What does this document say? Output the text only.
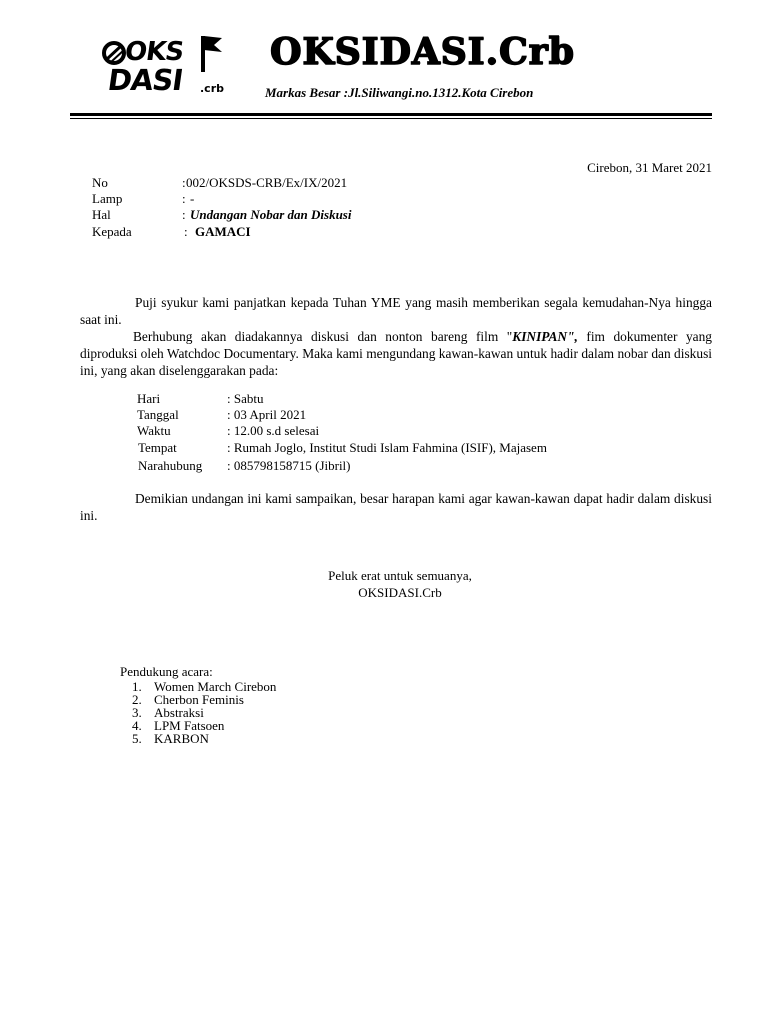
OKS
DASI .crb
OKSIDASI.Crb
Markas Besar :Jl.Siliwangi.no.1312.Kota Cirebon
Cirebon, 31 Maret 2021
No	: 002/OKSDS-CRB/Ex/IX/2021
Lamp	: -
Hal	: Undangan Nobar dan Diskusi
Kepada	: GAMACI

Puji syukur kami panjatkan kepada Tuhan YME yang masih memberikan segala kemudahan-Nya hingga saat ini.

Berhubung akan diadakannya diskusi dan nonton bareng film "KINIPAN", fim dokumenter yang diproduksi oleh Watchdoc Documentary. Maka kami mengundang kawan-kawan untuk hadir dalam nobar dan diskusi ini, yang akan diselenggarakan pada:

Hari	: Sabtu
Tanggal	: 03 April 2021
Waktu	: 12.00 s.d selesai
Tempat	: Rumah Joglo, Institut Studi Islam Fahmina (ISIF), Majasem
Narahubung : 085798158715 (Jibril)

Demikian undangan ini kami sampaikan, besar harapan kami agar kawan-kawan dapat hadir dalam diskusi ini.

Peluk erat untuk semuanya,
OKSIDASI.Crb
Pendukung acara:
1. Women March Cirebon
2. Cherbon Feminis
3. Abstraksi
4. LPM Fatsoen
5. KARBON
